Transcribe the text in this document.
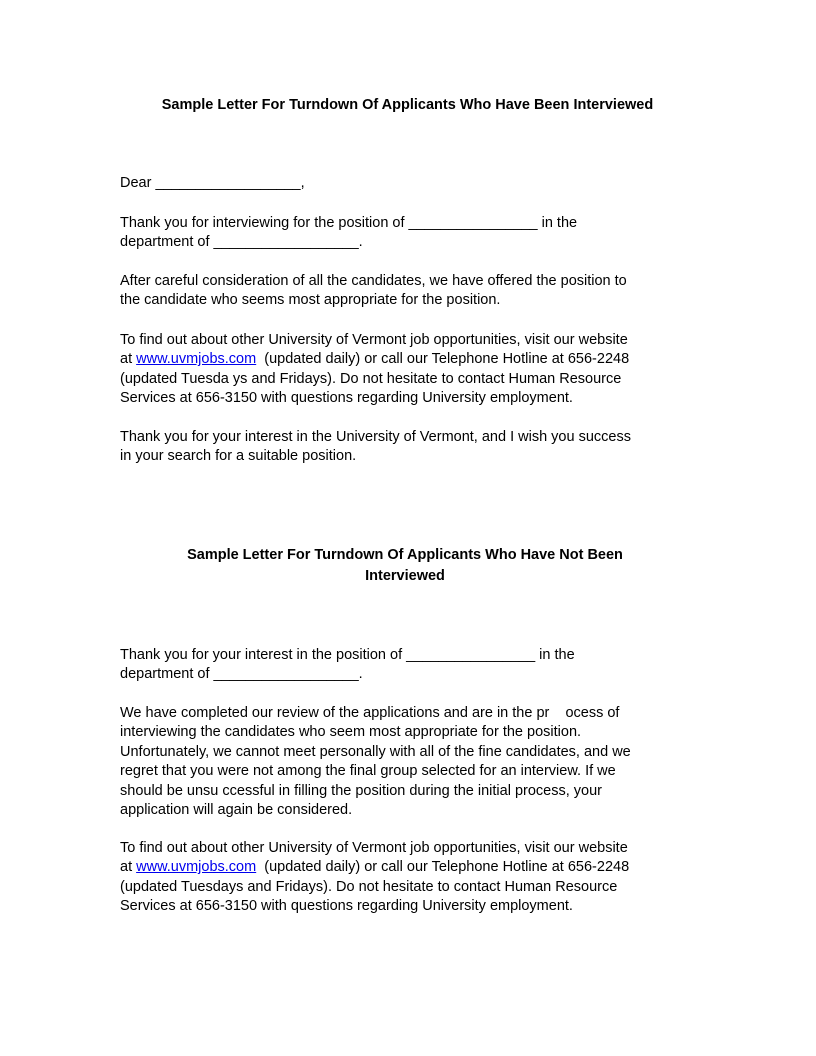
Sample Letter For Turndown Of Applicants Who Have Been Interviewed

Dear __________________,

Thank you for interviewing for the position of ________________ in the
department of __________________.

After careful consideration of all the candidates, we have offered the position to
the candidate who seems most appropriate for the position.

To find out about other University of Vermont job opportunities, visit our website
at www.uvmjobs.com  (updated daily) or call our Telephone Hotline at 656-2248
(updated Tuesda ys and Fridays). Do not hesitate to contact Human Resource
Services at 656-3150 with questions regarding University employment.

Thank you for your interest in the University of Vermont, and I wish you success
in your search for a suitable position.

Sample Letter For Turndown Of Applicants Who Have Not Been
Interviewed

Thank you for your interest in the position of ________________ in the
department of __________________.

We have completed our review of the applications and are in the pr    ocess of
interviewing the candidates who seem most appropriate for the position.
Unfortunately, we cannot meet personally with all of the fine candidates, and we
regret that you were not among the final group selected for an interview. If we
should be unsu ccessful in filling the position during the initial process, your
application will again be considered.

To find out about other University of Vermont job opportunities, visit our website
at www.uvmjobs.com  (updated daily) or call our Telephone Hotline at 656-2248
(updated Tuesdays and Fridays). Do not hesitate to contact Human Resource
Services at 656-3150 with questions regarding University employment.
